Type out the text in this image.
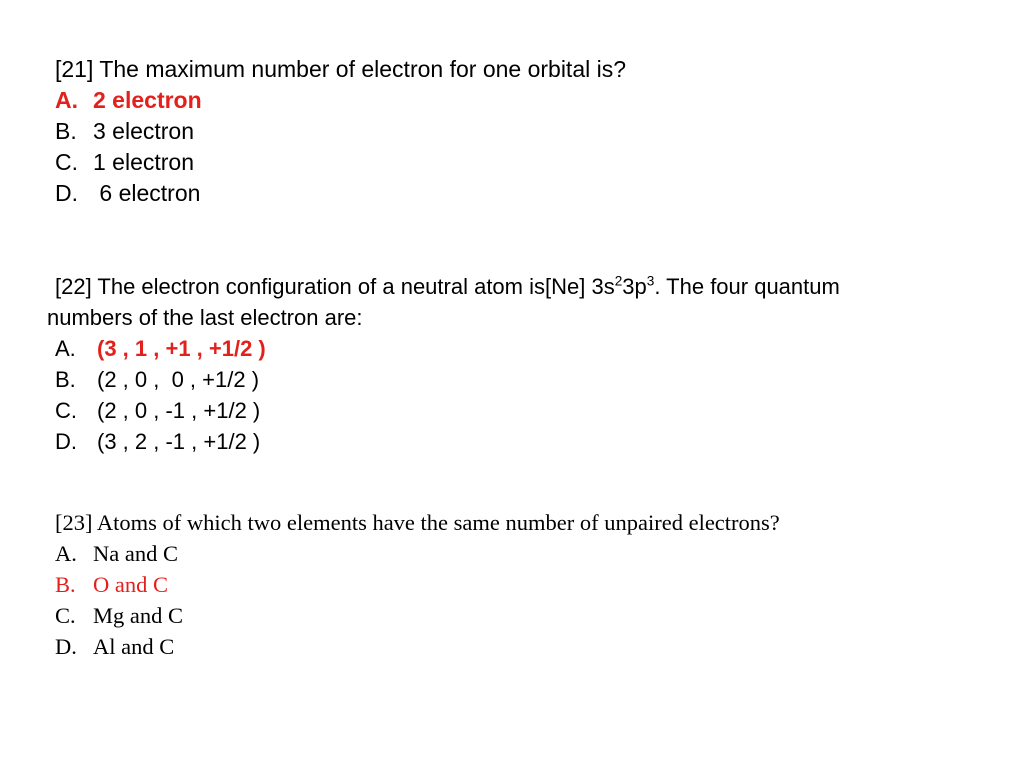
[21] The maximum number of electron for one orbital is?
A. 2 electron
B. 3 electron
C. 1 electron
D. 6 electron
[22] The electron configuration of a neutral atom is[Ne] $3s^23p^3$. The four quantum
numbers of the last electron are:
A. (3 , 1 , +1 , +1/2 )
B. (2 , 0 ,  0 , +1/2 )
C. (2 , 0 , -1 , +1/2 )
D. (3 , 2 , -1 , +1/2 )
[23] Atoms of which two elements have the same number of unpaired electrons?
A. Na and C
B. O and C
C. Mg and C
D. Al and C
